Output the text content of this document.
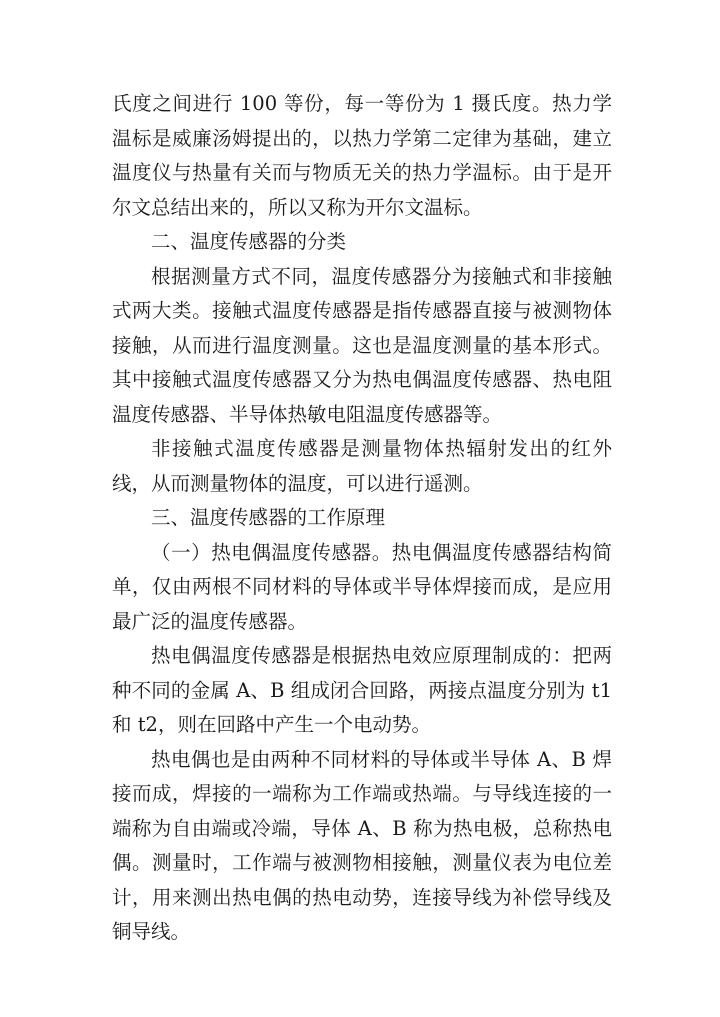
氏度之间进行 100 等份，每一等份为 1 摄氏度。热力学温标是威廉汤姆提出的，以热力学第二定律为基础，建立温度仪与热量有关而与物质无关的热力学温标。由于是开尔文总结出来的，所以又称为开尔文温标。

二、温度传感器的分类

根据测量方式不同，温度传感器分为接触式和非接触式两大类。接触式温度传感器是指传感器直接与被测物体接触，从而进行温度测量。这也是温度测量的基本形式。其中接触式温度传感器又分为热电偶温度传感器、热电阻温度传感器、半导体热敏电阻温度传感器等。

非接触式温度传感器是测量物体热辐射发出的红外线，从而测量物体的温度，可以进行遥测。

三、温度传感器的工作原理

（一）热电偶温度传感器。热电偶温度传感器结构简单，仅由两根不同材料的导体或半导体焊接而成，是应用最广泛的温度传感器。

热电偶温度传感器是根据热电效应原理制成的：把两种不同的金属 A、B 组成闭合回路，两接点温度分别为 t1 和 t2，则在回路中产生一个电动势。

热电偶也是由两种不同材料的导体或半导体 A、B 焊接而成，焊接的一端称为工作端或热端。与导线连接的一端称为自由端或冷端，导体 A、B 称为热电极，总称热电偶。测量时，工作端与被测物相接触，测量仪表为电位差计，用来测出热电偶的热电动势，连接导线为补偿导线及铜导线。
